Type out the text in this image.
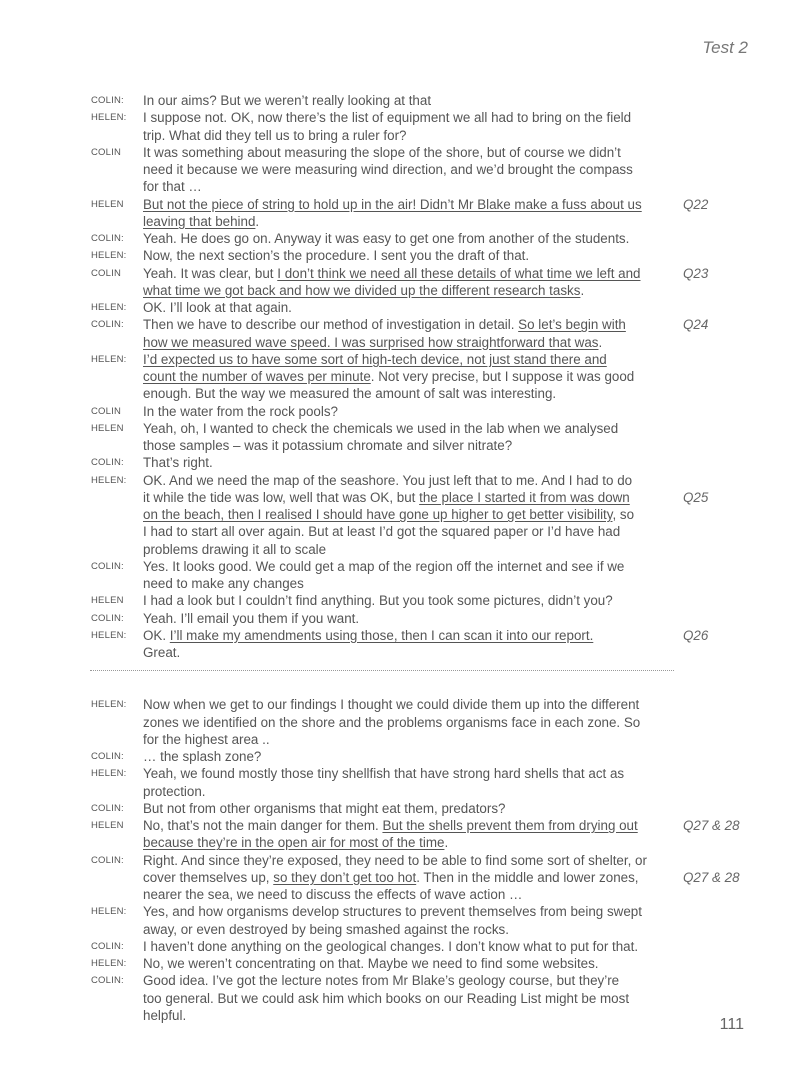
Test 2
COLIN: In our aims? But we weren’t really looking at that
HELEN: I suppose not. OK, now there’s the list of equipment we all had to bring on the field
trip. What did they tell us to bring a ruler for?
COLIN It was something about measuring the slope of the shore, but of course we didn’t
need it because we were measuring wind direction, and we’d brought the compass
for that …
HELEN But not the piece of string to hold up in the air! Didn’t Mr Blake make a fuss about us	Q22
leaving that behind.
COLIN: Yeah. He does go on. Anyway it was easy to get one from another of the students.
HELEN: Now, the next section’s the procedure. I sent you the draft of that.
COLIN Yeah. It was clear, but I don’t think we need all these details of what time we left and	Q23
what time we got back and how we divided up the different research tasks.
HELEN: OK. I’ll look at that again.
COLIN: Then we have to describe our method of investigation in detail. So let’s begin with	Q24
how we measured wave speed. I was surprised how straightforward that was.
HELEN: I’d expected us to have some sort of high-tech device, not just stand there and
count the number of waves per minute. Not very precise, but I suppose it was good
enough. But the way we measured the amount of salt was interesting.
COLIN In the water from the rock pools?
HELEN Yeah, oh, I wanted to check the chemicals we used in the lab when we analysed
those samples – was it potassium chromate and silver nitrate?
COLIN: That’s right.
HELEN: OK. And we need the map of the seashore. You just left that to me. And I had to do
it while the tide was low, well that was OK, but the place I started it from was down	Q25
on the beach, then I realised I should have gone up higher to get better visibility, so
I had to start all over again. But at least I’d got the squared paper or I’d have had
problems drawing it all to scale
COLIN: Yes. It looks good. We could get a map of the region off the internet and see if we
need to make any changes
HELEN I had a look but I couldn’t find anything. But you took some pictures, didn’t you?
COLIN: Yeah. I’ll email you them if you want.
HELEN: OK. I’ll make my amendments using those, then I can scan it into our report.	Q26
Great.
HELEN: Now when we get to our findings I thought we could divide them up into the different
zones we identified on the shore and the problems organisms face in each zone. So
for the highest area ..
COLIN: … the splash zone?
HELEN: Yeah, we found mostly those tiny shellfish that have strong hard shells that act as
protection.
COLIN: But not from other organisms that might eat them, predators?
HELEN No, that’s not the main danger for them. But the shells prevent them from drying out	Q27 & 28
because they’re in the open air for most of the time.
COLIN: Right. And since they’re exposed, they need to be able to find some sort of shelter, or
cover themselves up, so they don’t get too hot. Then in the middle and lower zones,	Q27 & 28
nearer the sea, we need to discuss the effects of wave action …
HELEN: Yes, and how organisms develop structures to prevent themselves from being swept
away, or even destroyed by being smashed against the rocks.
COLIN: I haven’t done anything on the geological changes. I don’t know what to put for that.
HELEN: No, we weren’t concentrating on that. Maybe we need to find some websites.
COLIN: Good idea. I’ve got the lecture notes from Mr Blake’s geology course, but they’re
too general. But we could ask him which books on our Reading List might be most
helpful.
111
